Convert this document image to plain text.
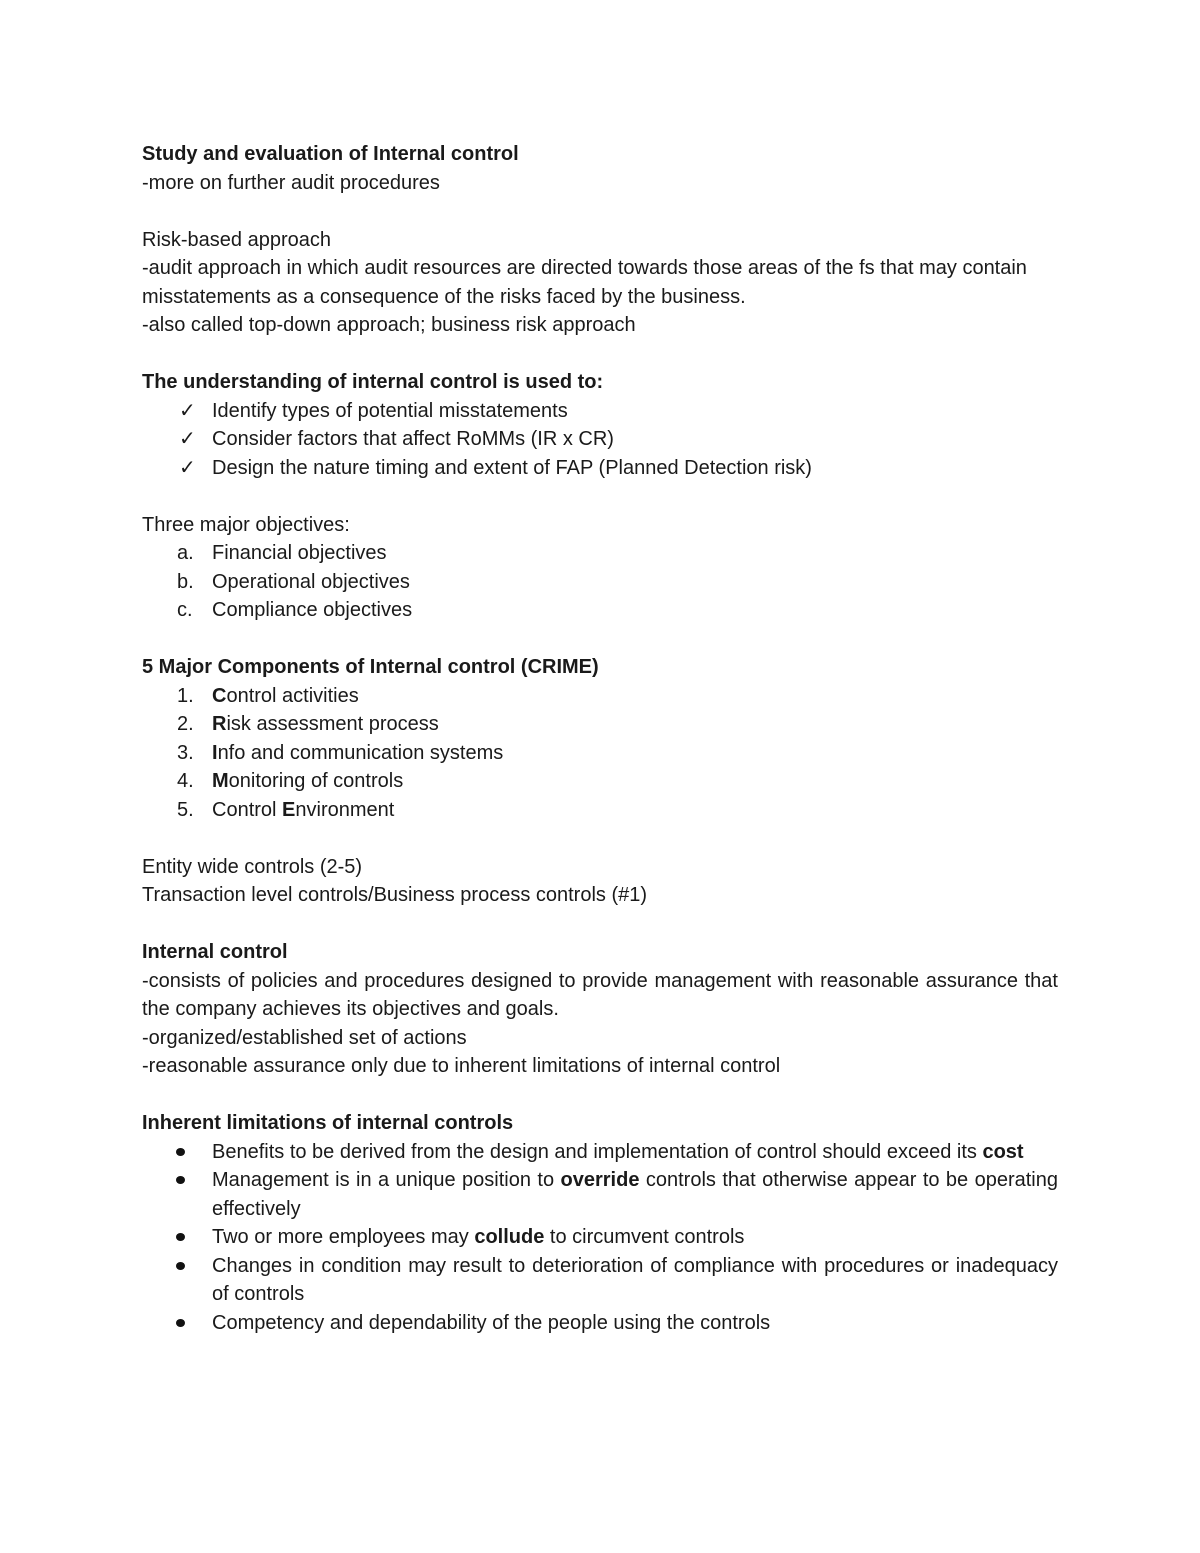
Study and evaluation of Internal control

-more on further audit procedures

Risk-based approach

-audit approach in which audit resources are directed towards those areas of the fs that may contain misstatements as a consequence of the risks faced by the business.

-also called top-down approach; business risk approach

The understanding of internal control is used to:

✓ Identify types of potential misstatements
✓ Consider factors that affect RoMMs (IR x CR)
✓ Design the nature timing and extent of FAP (Planned Detection risk)

Three major objectives:

a. Financial objectives
b. Operational objectives
c. Compliance objectives

5 Major Components of Internal control (CRIME)

1. Control activities
2. Risk assessment process
3. Info and communication systems
4. Monitoring of controls
5. Control Environment

Entity wide controls (2-5)

Transaction level controls/Business process controls (#1)

Internal control

-consists of policies and procedures designed to provide management with reasonable assurance that the company achieves its objectives and goals.

-organized/established set of actions

-reasonable assurance only due to inherent limitations of internal control

Inherent limitations of internal controls

Benefits to be derived from the design and implementation of control should exceed its cost
Management is in a unique position to override controls that otherwise appear to be operating effectively
Two or more employees may collude to circumvent controls
Changes in condition may result to deterioration of compliance with procedures or inadequacy of controls
Competency and dependability of the people using the controls
